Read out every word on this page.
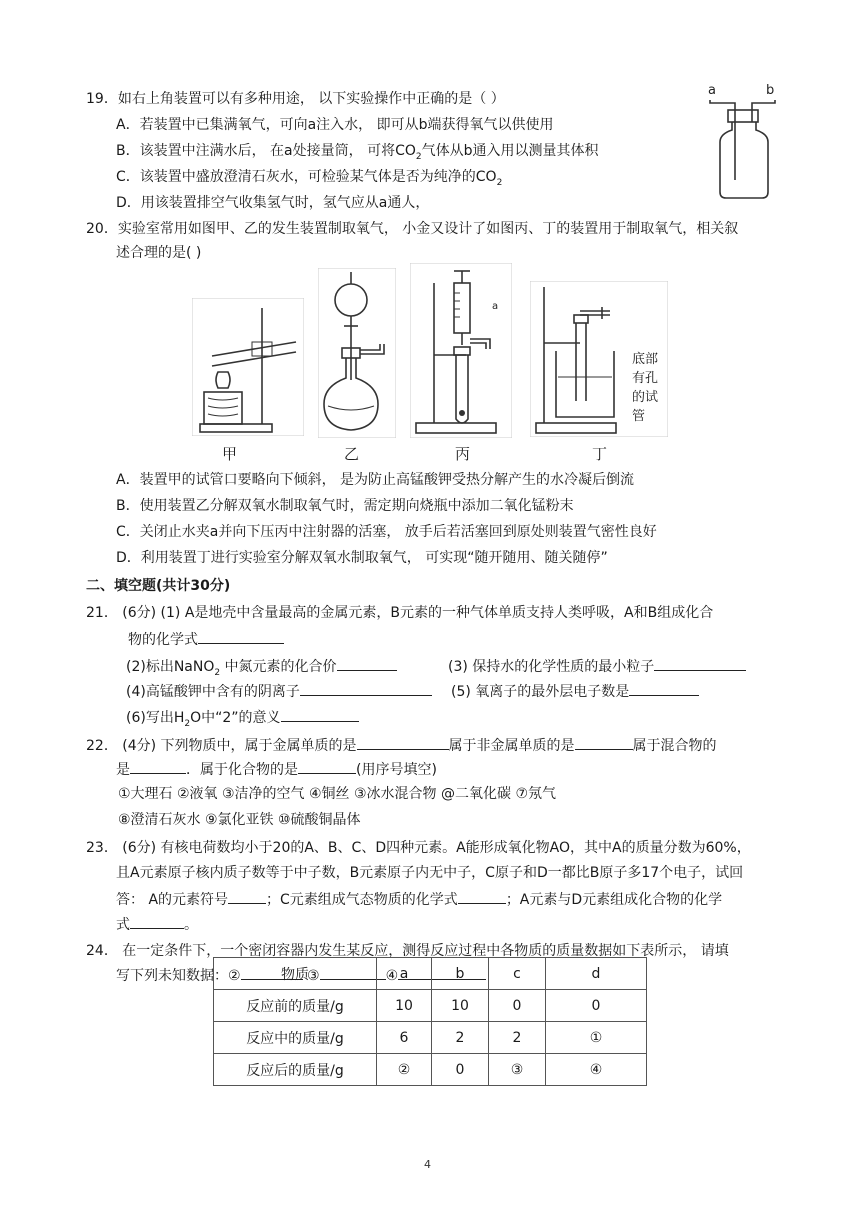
19．如右上角装置可以有多种用途， 以下实验操作中正确的是（ ）
A．若装置中已集满氧气，可向a注入水， 即可从b端获得氧气以供使用
B．该装置中注满水后， 在a处接量筒， 可将$CO_2$气体从b通入用以测量其体积
C．该装置中盛放澄清石灰水，可检验某气体是否为纯净的$CO_2$
D．用该装置排空气收集氢气时，氢气应从a通人，
a	b
20．实验室常用如图甲、乙的发生装置制取氧气， 小金又设计了如图丙、丁的装置用于制取氧气，相关叙
述合理的是( )
甲	乙
a
丙
底部
有孔
的试
管
丁
A．装置甲的试管口要略向下倾斜， 是为防止高锰酸钾受热分解产生的水冷凝后倒流
B．使用装置乙分解双氧水制取氧气时，需定期向烧瓶中添加二氧化锰粉末
C．关闭止水夹a并向下压丙中注射器的活塞， 放手后若活塞回到原处则装置气密性良好
D．利用装置丁进行实验室分解双氧水制取氧气， 可实现“随开随用、随关随停”
二、填空题(共计30分)
21． (6分) (1) A是地壳中含量最高的金属元素，B元素的一种气体单质支持人类呼吸，A和B组成化合
物的化学式
(2)标出NaNO$_2$ 中氮元素的化合价	(3) 保持水的化学性质的最小粒子
(4)高锰酸钾中含有的阴离子	(5) 氧离子的最外层电子数是
(6)写出$H_2O$中“2”的意义
22． (4分) 下列物质中，属于金属单质的是	属于非金属单质的是	属于混合物的
是	．属于化合物的是	(用序号填空)
①大理石 ②液氧 ③洁净的空气 ④铜丝 ③冰水混合物 @二氧化碳 ⑦氖气
⑧澄清石灰水 ⑨氯化亚铁 ⑩硫酸铜晶体
23． (6分) 有核电荷数均小于20的A、B、C、D四种元素。A能形成氧化物AO，其中A的质量分数为60%，
且A元素原子核内质子数等于中子数，B元素原子内无中子，C原子和D一都比B原子多17个电子，试回
答： A的元素符号	；C元素组成气态物质的化学式	；A元素与D元素组成化合物的化学
式	。
24． 在一定条件下，一个密闭容器内发生某反应，测得反应过程中各物质的质量数据如下表所示， 请填
写下列未知数据：②	③	④
物质	a	b	c	d
反应前的质量/g	10	10	0	0
反应中的质量/g	6	2	2	①
反应后的质量/g	②	0	③	④
4
